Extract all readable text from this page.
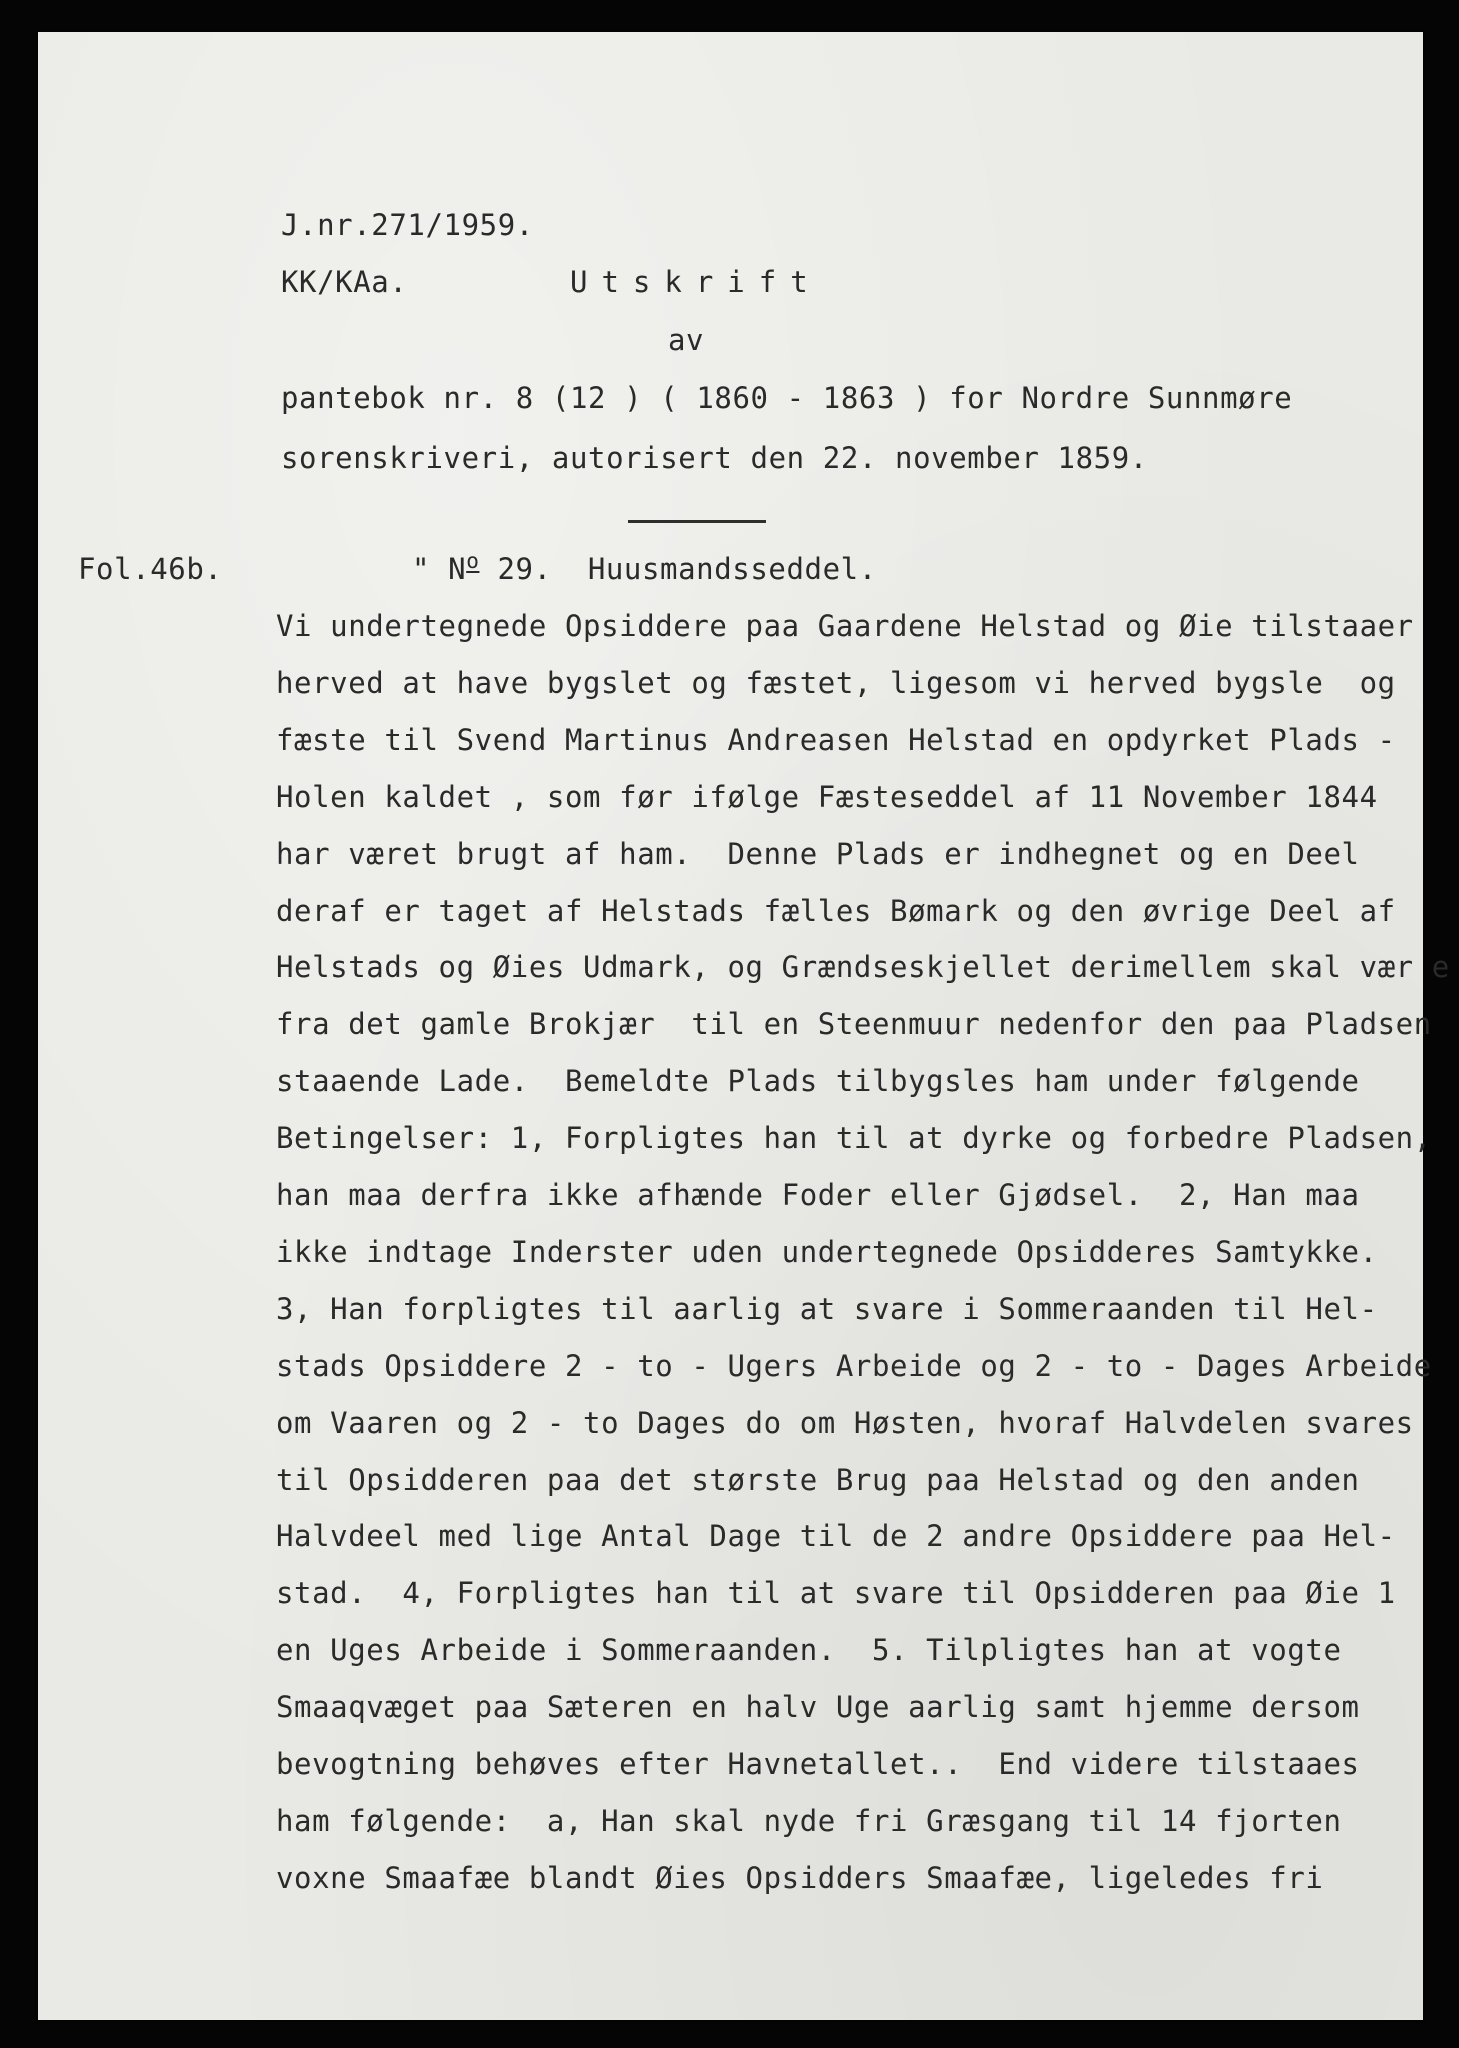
J.nr.271/1959.
KK/KAa.	Utskrift
av
pantebok nr. 8 (12 ) ( 1860 - 1863 ) for Nordre Sunnmøre
sorenskriveri, autorisert den 22. november 1859.
Fol.46b.	" No 29. Huusmandsseddel.
Vi undertegnede Opsiddere paa Gaardene Helstad og Øie tilstaaer
herved at have bygslet og fæstet, ligesom vi herved bygsle  og
fæste til Svend Martinus Andreasen Helstad en opdyrket Plads -
Holen kaldet , som før ifølge Fæsteseddel af 11 November 1844
har været brugt af ham.  Denne Plads er indhegnet og en Deel
deraf er taget af Helstads fælles Bømark og den øvrige Deel af
Helstads og Øies Udmark, og Grændseskjellet derimellem skal vær e
fra det gamle Brokjær  til en Steenmuur nedenfor den paa Pladsen
staaende Lade.  Bemeldte Plads tilbygsles ham under følgende
Betingelser: 1, Forpligtes han til at dyrke og forbedre Pladsen,
han maa derfra ikke afhænde Foder eller Gjødsel.  2, Han maa
ikke indtage Inderster uden undertegnede Opsidderes Samtykke.
3, Han forpligtes til aarlig at svare i Sommeraanden til Hel-
stads Opsiddere 2 - to - Ugers Arbeide og 2 - to - Dages Arbeide
om Vaaren og 2 - to Dages do om Høsten, hvoraf Halvdelen svares
til Opsidderen paa det største Brug paa Helstad og den anden
Halvdeel med lige Antal Dage til de 2 andre Opsiddere paa Hel-
stad.  4, Forpligtes han til at svare til Opsidderen paa Øie 1
en Uges Arbeide i Sommeraanden.  5. Tilpligtes han at vogte
Smaaqvæget paa Sæteren en halv Uge aarlig samt hjemme dersom
bevogtning behøves efter Havnetallet..  End videre tilstaaes
ham følgende:  a, Han skal nyde fri Græsgang til 14 fjorten
voxne Smaafæe blandt Øies Opsidders Smaafæe, ligeledes fri
